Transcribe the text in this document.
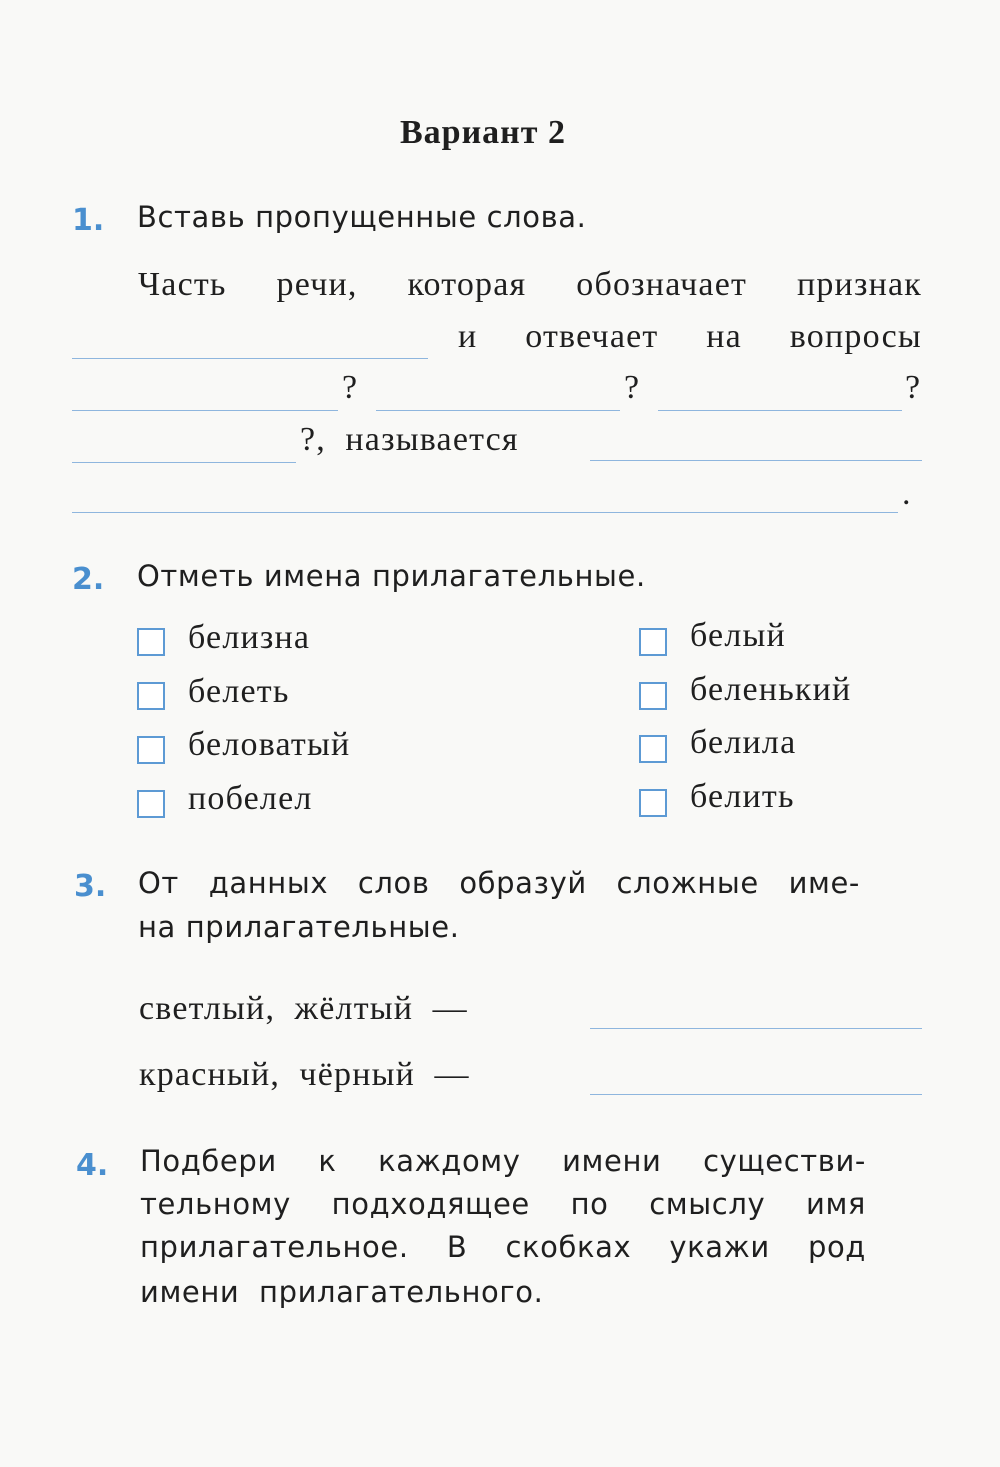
Вариант 2
1. Вставь пропущенные слова.
Часть речи, которая обозначает признак
и отвечает на вопросы
?	?	?
?,  называется
.
2. Отметь имена прилагательные.
белизна
белеть
беловатый
побелел
белый
беленький
белила
белить
3. От данных слов образуй сложные име-
на прилагательные.
светлый,  жёлтый  —
красный,  чёрный  —
4. Подбери к каждому имени существи-
тельному подходящее по смыслу имя
прилагательное. В скобках укажи род
имени  прилагательного.
